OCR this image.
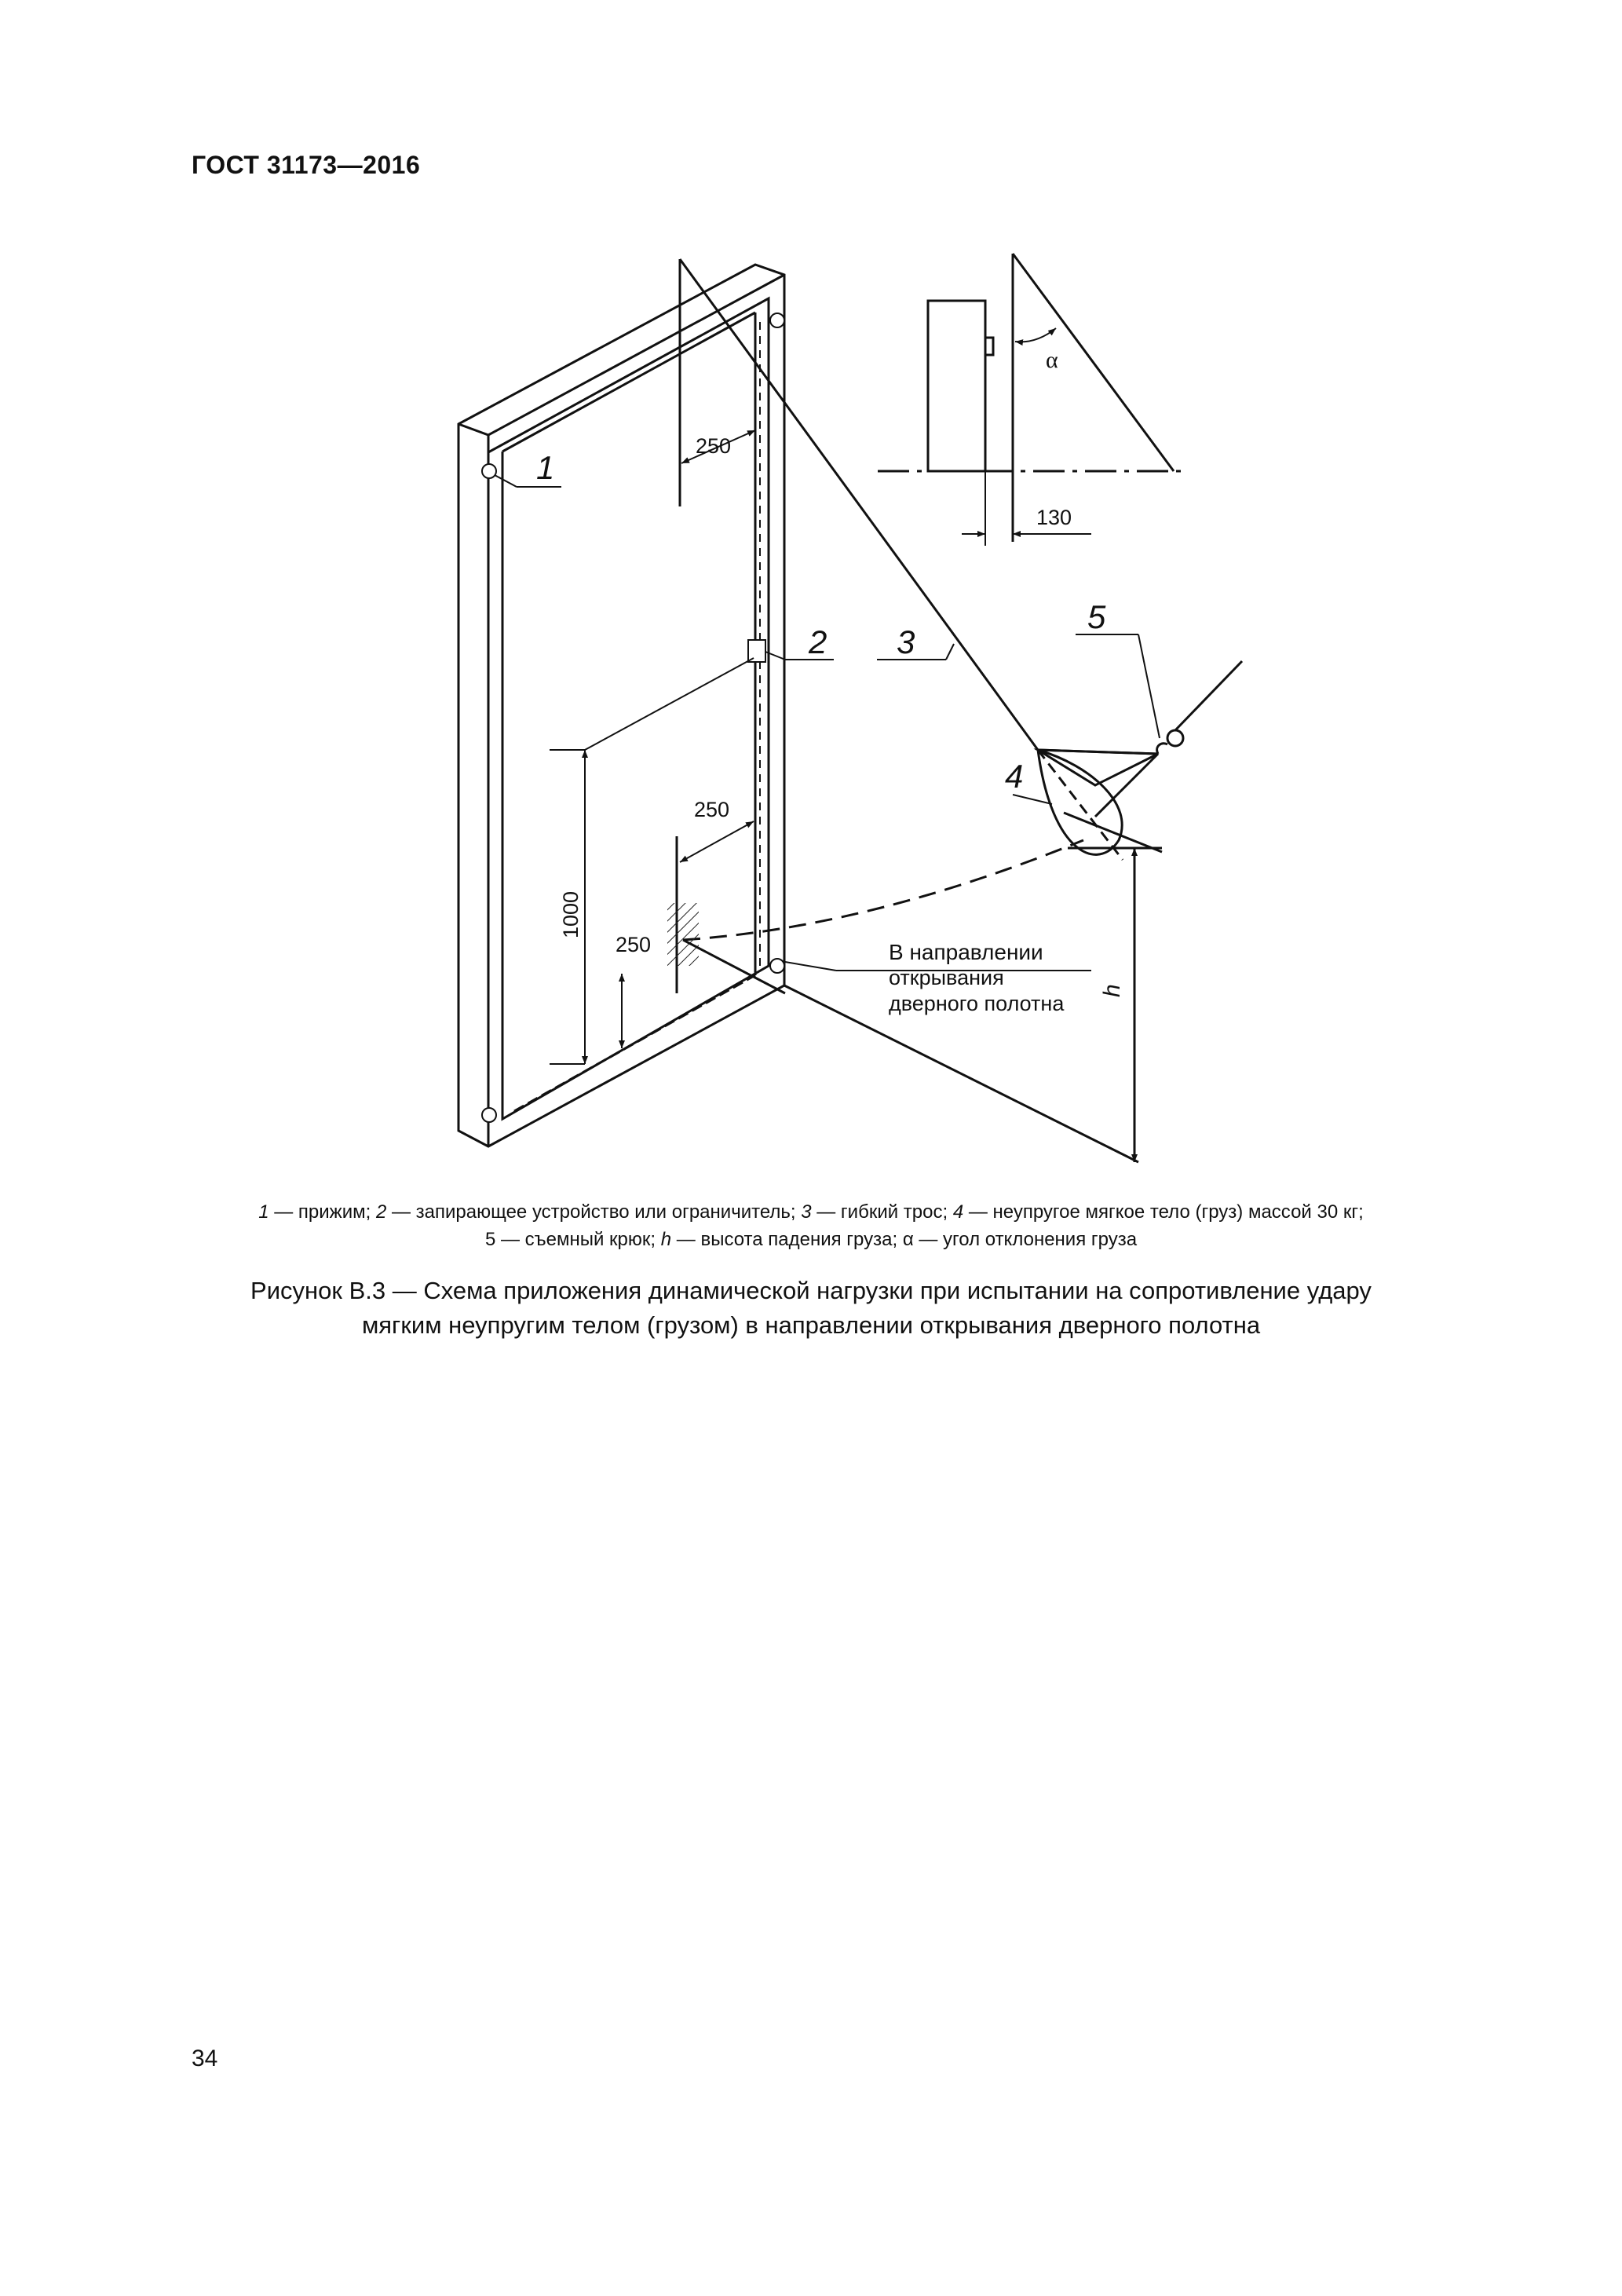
ГОСТ 31173—2016
1
2 3
4
5
250
250
250
130
1000
α
h
В направлении
открывания
дверного полотна
1 — прижим; 2 — запирающее устройство или ограничитель; 3 — гибкий трос; 4 — неупругое мягкое тело (груз) массой 30 кг;
5 — съемный крюк; h — высота падения груза; α — угол отклонения груза
Рисунок В.3 — Схема приложения динамической нагрузки при испытании на сопротивление удару
мягким неупругим телом (грузом) в направлении открывания дверного полотна
34
